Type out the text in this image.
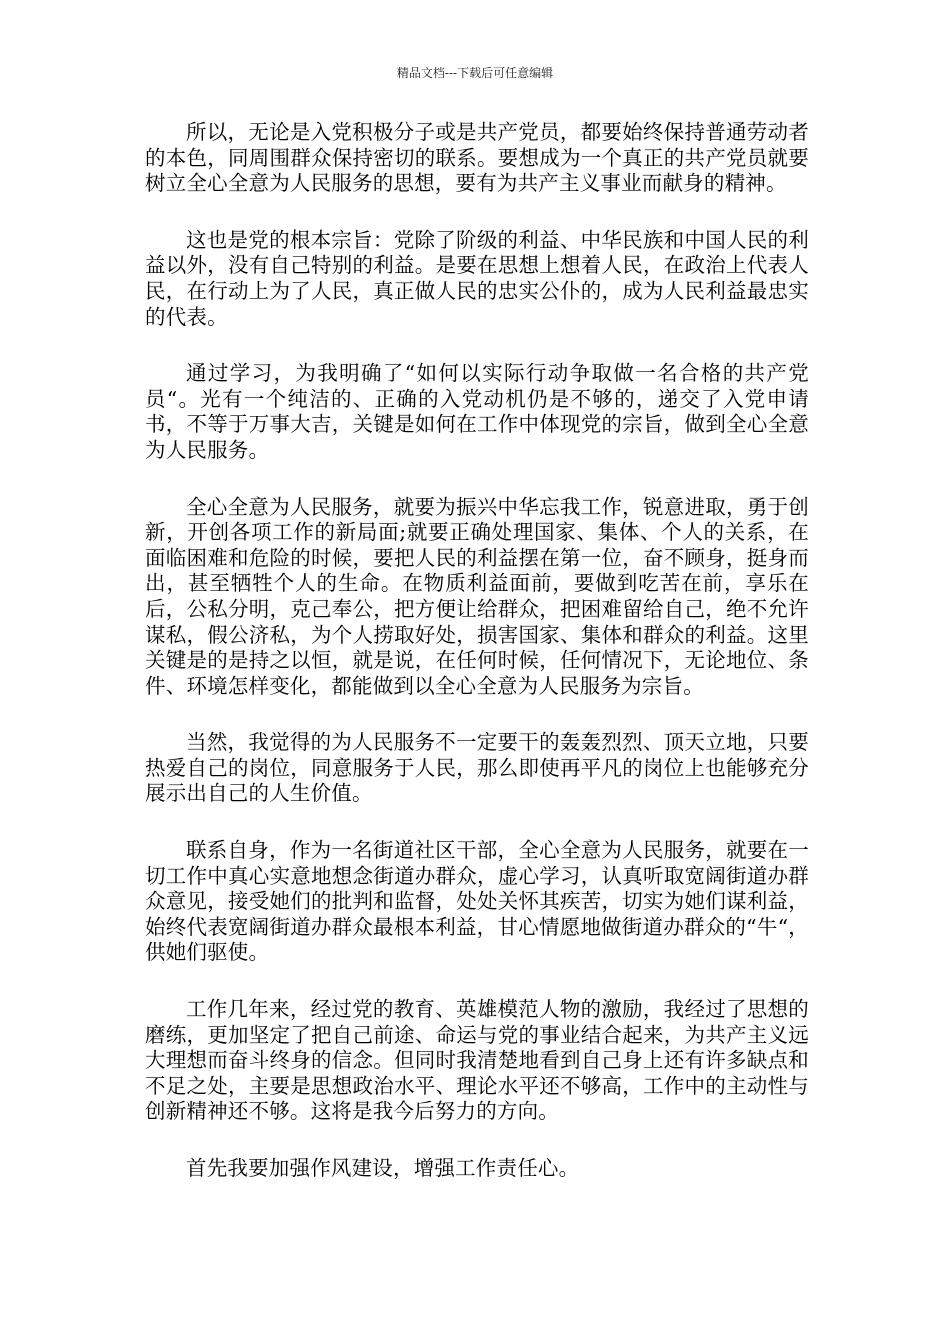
精品文档---下载后可任意编辑

所以，无论是入党积极分子或是共产党员，都要始终保持普通劳动者的本色，同周围群众保持密切的联系。要想成为一个真正的共产党员就要树立全心全意为人民服务的思想，要有为共产主义事业而献身的精神。

这也是党的根本宗旨：党除了阶级的利益、中华民族和中国人民的利益以外，没有自己特别的利益。是要在思想上想着人民，在政治上代表人民，在行动上为了人民，真正做人民的忠实公仆的，成为人民利益最忠实的代表。

通过学习，为我明确了“如何以实际行动争取做一名合格的共产党员“。光有一个纯洁的、正确的入党动机仍是不够的，递交了入党申请书，不等于万事大吉，关键是如何在工作中体现党的宗旨，做到全心全意为人民服务。

全心全意为人民服务，就要为振兴中华忘我工作，锐意进取，勇于创新，开创各项工作的新局面;就要正确处理国家、集体、个人的关系，在面临困难和危险的时候，要把人民的利益摆在第一位，奋不顾身，挺身而出，甚至牺牲个人的生命。在物质利益面前，要做到吃苦在前，享乐在后，公私分明，克己奉公，把方便让给群众，把困难留给自己，绝不允许谋私，假公济私，为个人捞取好处，损害国家、集体和群众的利益。这里关键是的是持之以恒，就是说，在任何时候，任何情况下，无论地位、条件、环境怎样变化，都能做到以全心全意为人民服务为宗旨。

当然，我觉得的为人民服务不一定要干的轰轰烈烈、顶天立地，只要热爱自己的岗位，同意服务于人民，那么即使再平凡的岗位上也能够充分展示出自己的人生价值。

联系自身，作为一名街道社区干部，全心全意为人民服务，就要在一切工作中真心实意地想念街道办群众，虚心学习，认真听取宽阔街道办群众意见，接受她们的批判和监督，处处关怀其疾苦，切实为她们谋利益，始终代表宽阔街道办群众最根本利益，甘心情愿地做街道办群众的“牛“，供她们驱使。

工作几年来，经过党的教育、英雄模范人物的激励，我经过了思想的磨练，更加坚定了把自己前途、命运与党的事业结合起来，为共产主义远大理想而奋斗终身的信念。但同时我清楚地看到自己身上还有许多缺点和不足之处，主要是思想政治水平、理论水平还不够高，工作中的主动性与创新精神还不够。这将是我今后努力的方向。

首先我要加强作风建设，增强工作责任心。
